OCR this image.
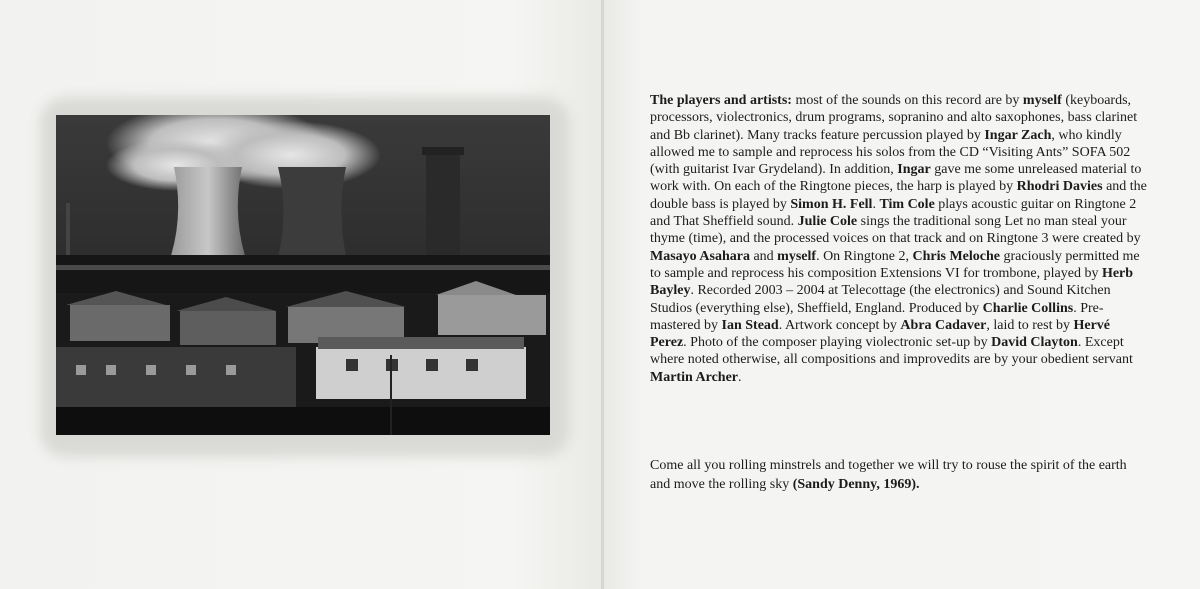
The players and artists: most of the sounds on this record are by myself (keyboards, processors, violectronics, drum programs, sopranino and alto saxophones, bass clarinet and Bb clarinet). Many tracks feature percussion played by Ingar Zach, who kindly allowed me to sample and reprocess his solos from the CD “Visiting Ants” SOFA 502 (with guitarist Ivar Grydeland). In addition, Ingar gave me some unreleased material to work with. On each of the Ringtone pieces, the harp is played by Rhodri Davies and the double bass is played by Simon H. Fell. Tim Cole plays acoustic guitar on Ringtone 2 and That Sheffield sound. Julie Cole sings the traditional song Let no man steal your thyme (time), and the processed voices on that track and on Ringtone 3 were created by Masayo Asahara and myself. On Ringtone 2, Chris Meloche graciously permitted me to sample and reprocess his composition Extensions VI for trombone, played by Herb Bayley. Recorded 2003 – 2004 at Telecottage (the electronics) and Sound Kitchen Studios (everything else), Sheffield, England. Produced by Charlie Collins. Pre-mastered by Ian Stead. Artwork concept by Abra Cadaver, laid to rest by Hervé Perez. Photo of the composer playing violectronic set-up by David Clayton. Except where noted otherwise, all compositions and improvedits are by your obedient servant Martin Archer.
Come all you rolling minstrels and together we will try to rouse the spirit of the earth and move the rolling sky (Sandy Denny, 1969).
